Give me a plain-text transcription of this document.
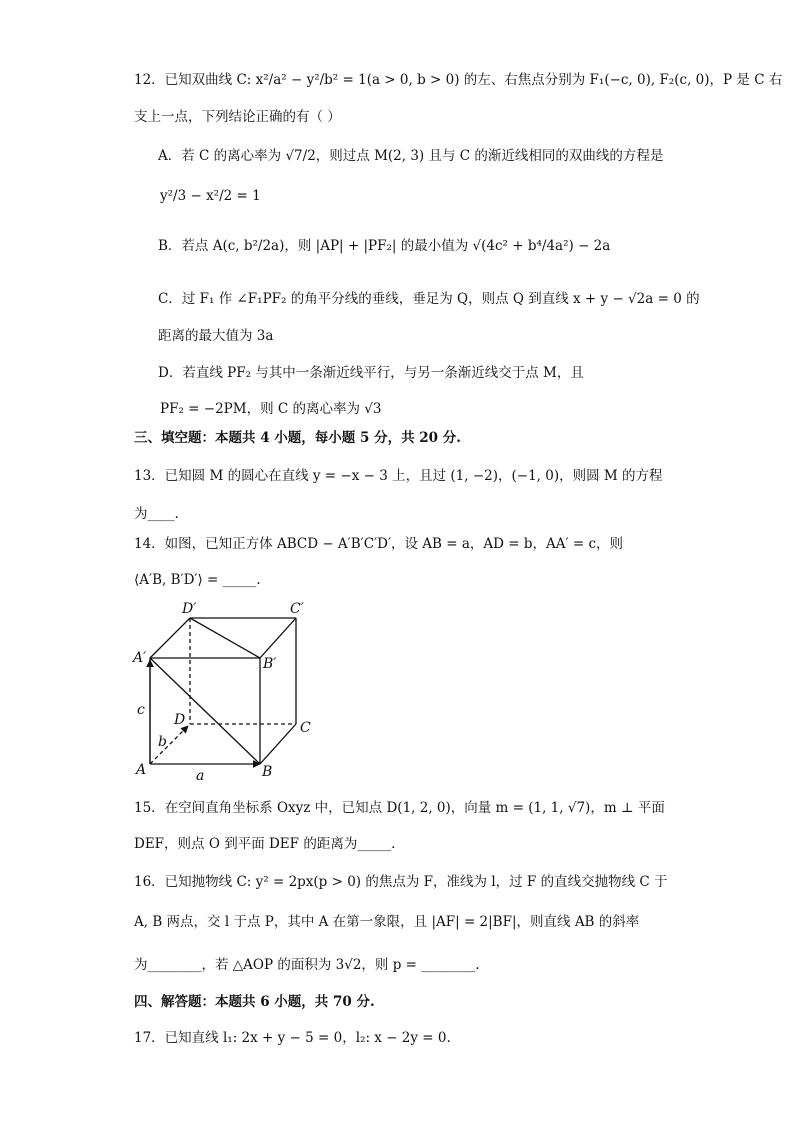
12．已知双曲线 C: x²/a² − y²/b² = 1(a > 0, b > 0) 的左、右焦点分别为 F₁(−c, 0), F₂(c, 0)，P 是 C 右
支上一点，下列结论正确的有（ ）
A．若 C 的离心率为 √7/2，则过点 M(2, 3) 且与 C 的渐近线相同的双曲线的方程是
y²/3 − x²/2 = 1
B．若点 A(c, b²/2a)，则 |AP| + |PF₂| 的最小值为 √(4c² + b⁴/4a²) − 2a
C．过 F₁ 作 ∠F₁PF₂ 的角平分线的垂线，垂足为 Q，则点 Q 到直线 x + y − √2a = 0 的
距离的最大值为 3a
D．若直线 PF₂ 与其中一条渐近线平行，与另一条渐近线交于点 M，且
PF₂ = −2PM，则 C 的离心率为 √3
三、填空题：本题共 4 小题，每小题 5 分，共 20 分.
13．已知圆 M 的圆心在直线 y = −x − 3 上，且过 (1, −2)，(−1, 0)，则圆 M 的方程
为____.
14．如图，已知正方体 ABCD − A′B′C′D′，设 AB = a，AD = b，AA′ = c，则
⟨A′B, B′D′⟩ = _____.
D′	C′
A′	B′
D	C
A	B
a
b
c
15．在空间直角坐标系 Oxyz 中，已知点 D(1, 2, 0)，向量 m = (1, 1, √7)，m ⊥ 平面
DEF，则点 O 到平面 DEF 的距离为_____.
16．已知抛物线 C: y² = 2px(p > 0) 的焦点为 F，准线为 l，过 F 的直线交抛物线 C 于
A, B 两点，交 l 于点 P，其中 A 在第一象限，且 |AF| = 2|BF|，则直线 AB 的斜率
为________，若 △AOP 的面积为 3√2，则 p = ________.
四、解答题：本题共 6 小题，共 70 分.
17．已知直线 l₁: 2x + y − 5 = 0，l₂: x − 2y = 0.
